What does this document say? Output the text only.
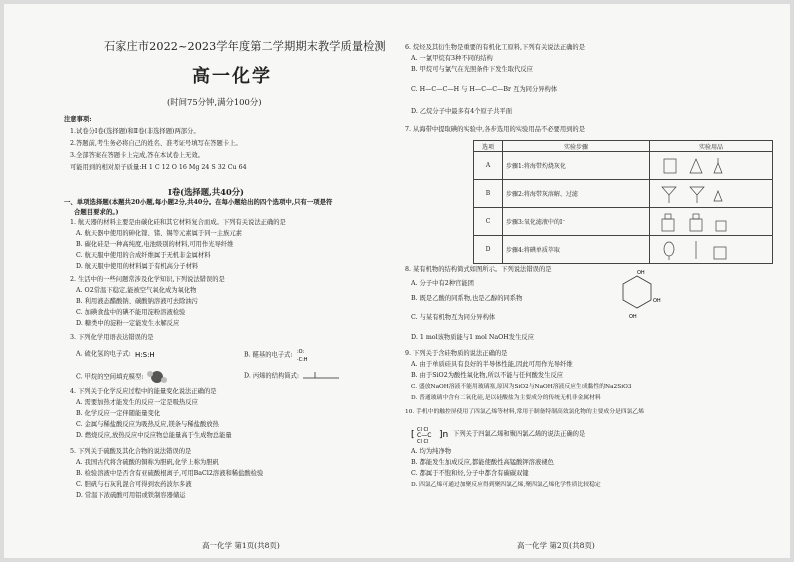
石家庄市2022~2023学年度第二学期期末教学质量检测
高一化学
(时间75分钟,满分100分)
注意事项:
1.试卷分Ⅰ卷(选择题)和Ⅱ卷(非选择题)两部分。
2.答题前,考生务必将自己的姓名、准考证号填写在答题卡上。
3.全部答案在答题卡上完成,答在本试卷上无效。
可能用到的相对原子质量:H 1 C 12 O 16 Mg 24 S 32 Cu 64
Ⅰ卷(选择题,共40分)
一、单项选择题(本题共20小题,每小题2分,共40分。在每小题给出的四个选项中,只有一项是符
合题目要求的。)
1. 航天器的材料主要是由碳化硅和其它材料复合而成。下列有关说法正确的是
A. 航天器中使用的砷化镓、锗、锡等元素属于同一主族元素
B. 碳化硅是一种高纯度,电池级别的材料,可用作光导纤维
C. 航天服中使用的合成纤维属于无机非金属材料
D. 航天服中使用的材料属于有机高分子材料
2. 生活中的一些问题常涉及化学知识,下列说法错误的是
A. O2常温下稳定,能被空气氧化成为氧化物
B. 利用液态醋酸钠、碳酸钠溶液可去除油污
C. 加碘食盐中的碘不能用淀粉溶液检验
D. 糖类中的淀粉一定能发生水解反应
3. 下列化学用语表达错误的是
A. 硫化氢的电子式: H:S:H	B. 醛基的电子式: :O:
·C:H
C. 甲烷的空间填充模型:	D. 丙烯的结构简式:
4. 下列关于化学反应过程中的能量变化说法正确的是
A. 需要加热才能发生的反应一定是吸热反应
B. 化学反应一定伴随能量变化
C. 金属与稀盐酸反应为吸热反应,镁条与稀盐酸放热
D. 燃烧反应,放热反应中反应物总能量高于生成物总能量
5. 下列关于硫酸及其化合物的说法错误的是
A. 我国古代将含硫酸的铜称为胆矾,化学上称为胆矾
B. 检验溶液中是否含有亚硫酸根离子,可用BaCl2溶液和稀盐酸检验
C. 胆矾与石灰乳混合可得到农药波尔多液
D. 常温下浓硫酸可用铝或铁制容器储运
高一化学 第1页(共8页)
6. 烷烃及其衍生物是重要的有机化工原料,下列有关说法正确的是
A. 一氯甲烷有3种不同的结构
B. 甲烷可与氯气在光照条件下发生取代反应
C. H—C—C—H 与 H—C—C—Br 互为同分异构体
D. 乙烷分子中最多有4个原子共平面
7. 从海带中提取碘的实验中,各步选用的实验用品不必要用到的是
选项	实验步骤	实验用品
A	步骤1:将海带灼烧灰化	
B	步骤2:将海带灰溶解、过滤	
C	步骤3:氧化滤液中的I⁻	
D	步骤4:将碘单质萃取	
8. 某有机物的结构简式如图所示。下列说法错误的是
A. 分子中有2种官能团
B. 既是乙酸的同系物,也是乙醇的同系物
C. 与某有机物互为同分异构体
D. 1 mol该物质能与1 mol NaOH发生反应
OH
OH
OH
9. 下列关于含硅物质的说法正确的是
A. 由于单质硅具有良好的半导体性能,因此可用作光导纤维
B. 由于SiO2为酸性氧化物,所以不能与任何酸发生反应
C. 盛放NaOH溶液不能用玻璃塞,原因为SiO2与NaOH溶液反应生成黏性的Na2SiO3
D. 普通玻璃中含有二氧化硅,是以硅酸盐为主要成分的传统无机非金属材料
10. 手机中的触控屏使用了四氯乙烯等材料,常用于制备特制高效氯化物的主要成分是四氯乙烯
[ Cl Cl
C—C
Cl Cl
]n 下列关于四氯乙烯和聚四氯乙烯的说法正确的是
A. 均为纯净物
B. 都能发生加成反应,都能使酸性高锰酸钾溶液褪色
C. 都属于不饱和烃,分子中都含有碳碳双键
D. 四氯乙烯可通过加聚反应得到聚四氯乙烯,聚四氯乙烯化学性质比较稳定
高一化学 第2页(共8页)
